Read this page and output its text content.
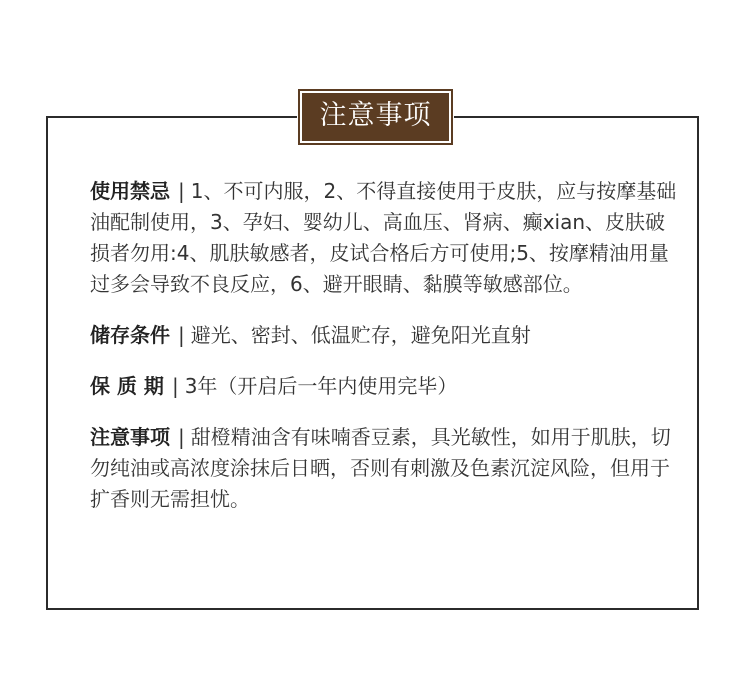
注意事项
使用禁忌 | 1、不可内服，2、不得直接使用于皮肤，应与按摩基础油配制使用，3、孕妇、婴幼儿、高血压、肾病、癫xian、皮肤破损者勿用:4、肌肤敏感者，皮试合格后方可使用;5、按摩精油用量过多会导致不良反应，6、避开眼睛、黏膜等敏感部位。
储存条件 | 避光、密封、低温贮存，避免阳光直射
保 质 期 | 3年（开启后一年内使用完毕）
注意事项 | 甜橙精油含有味喃香豆素，具光敏性，如用于肌肤，切勿纯油或高浓度涂抹后日晒，否则有刺激及色素沉淀风险，但用于扩香则无需担忧。
